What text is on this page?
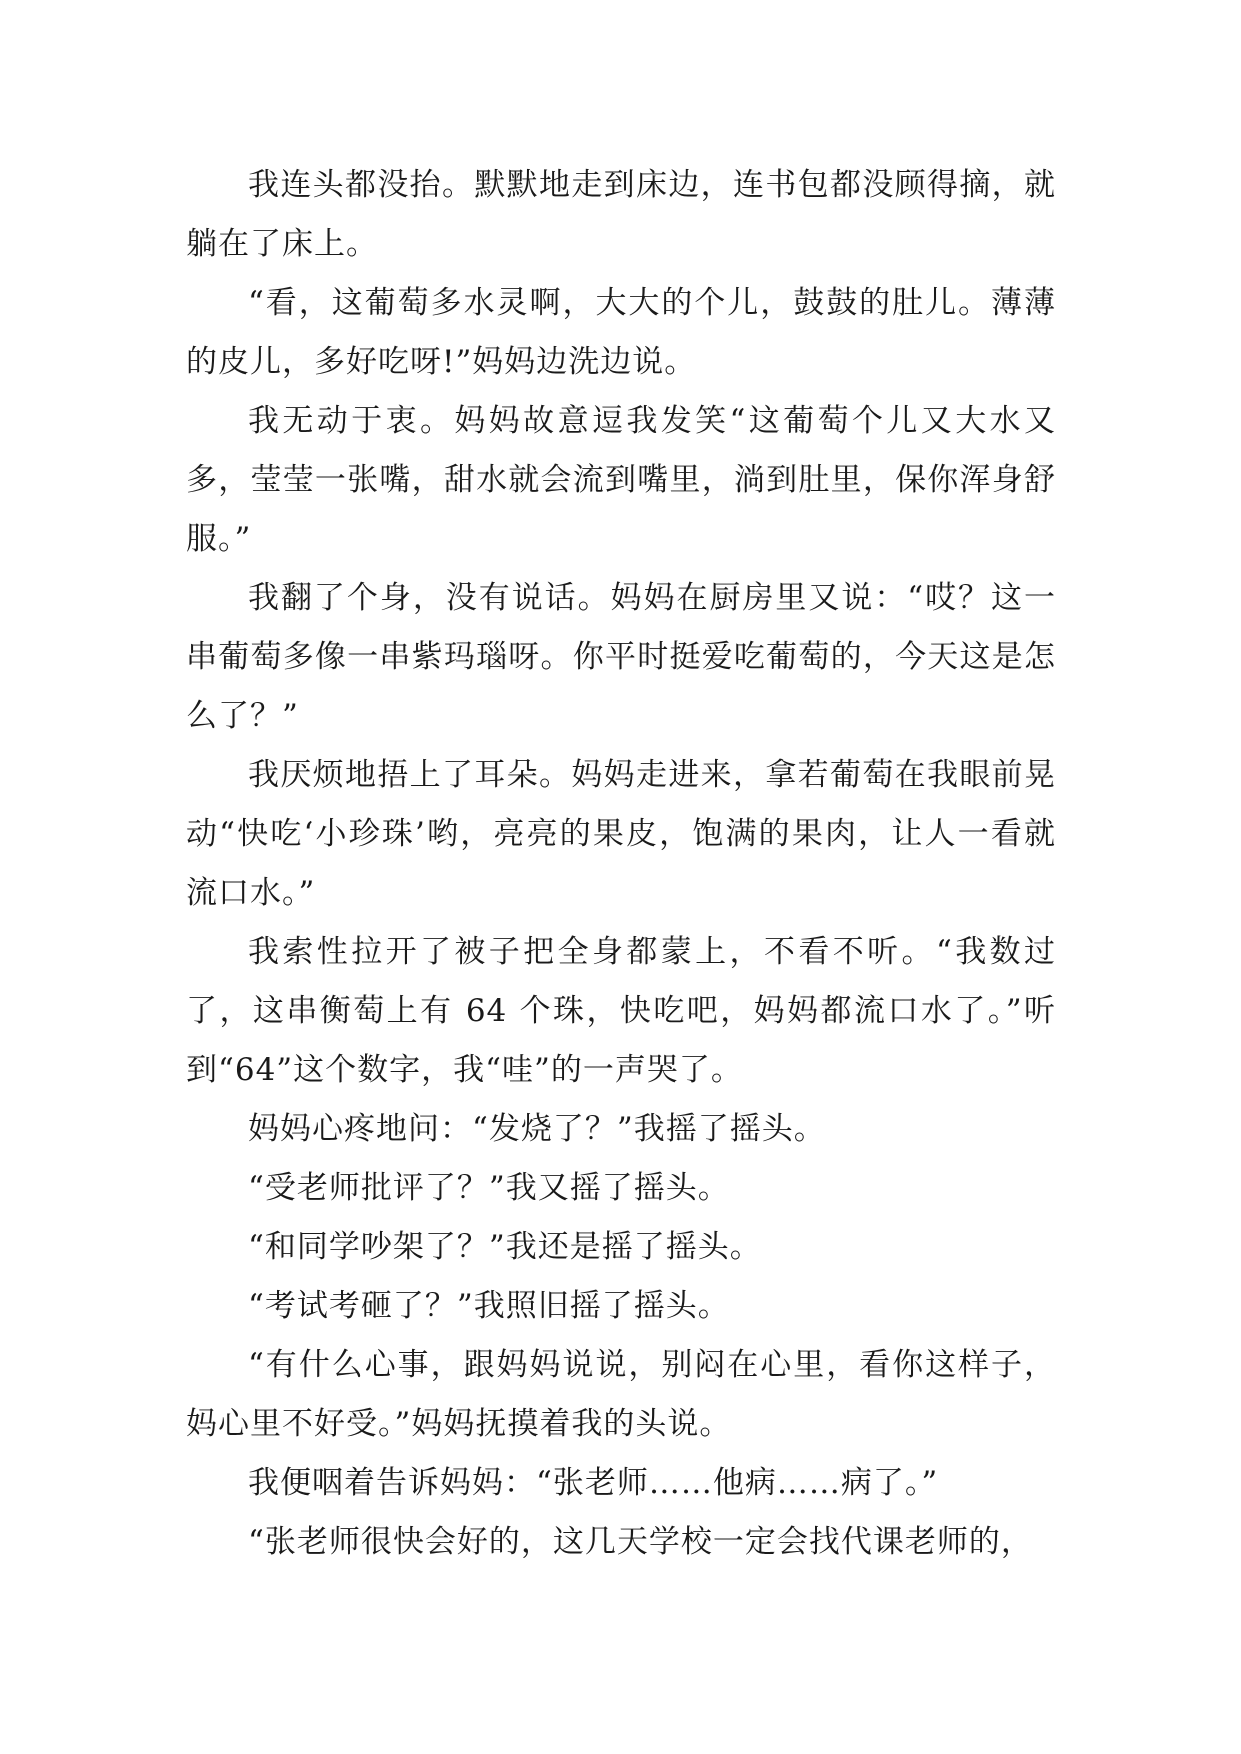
我连头都没抬。默默地走到床边，连书包都没顾得摘，就躺在了床上。

“看，这葡萄多水灵啊，大大的个儿，鼓鼓的肚儿。薄薄的皮儿，多好吃呀!”妈妈边洗边说。

我无动于衷。妈妈故意逗我发笑“这葡萄个儿又大水又多，莹莹一张嘴，甜水就会流到嘴里，淌到肚里，保你浑身舒服。”

我翻了个身，没有说话。妈妈在厨房里又说：“哎？这一串葡萄多像一串紫玛瑙呀。你平时挺爱吃葡萄的，今天这是怎么了？”

我厌烦地捂上了耳朵。妈妈走进来，拿若葡萄在我眼前晃动“快吃‘小珍珠’哟，亮亮的果皮，饱满的果肉，让人一看就流口水。”

我索性拉开了被子把全身都蒙上，不看不听。“我数过了，这串衡萄上有 64 个珠，快吃吧，妈妈都流口水了。”听到“64”这个数字，我“哇”的一声哭了。

妈妈心疼地问：“发烧了？”我摇了摇头。

“受老师批评了？”我又摇了摇头。

“和同学吵架了？”我还是摇了摇头。

“考试考砸了？”我照旧摇了摇头。

“有什么心事，跟妈妈说说，别闷在心里，看你这样子，妈心里不好受。”妈妈抚摸着我的头说。

我便咽着告诉妈妈：“张老师……他病……病了。”

“张老师很快会好的，这几天学校一定会找代课老师的，
